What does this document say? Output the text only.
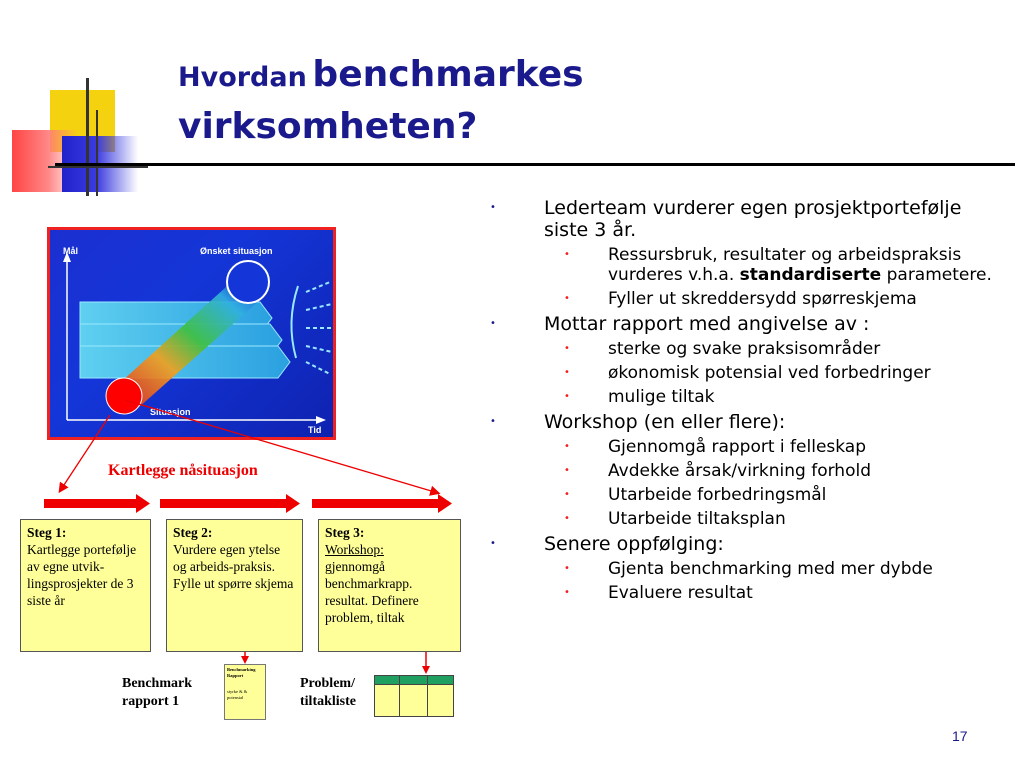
Hvordan benchmarkes
virksomheten?
Mål	Ønsket situasjon
Situasjon
Tid
Kartlegge nåsituasjon
Steg 1:
Kartlegge portefølje av egne utvik-lingsprosjekter de 3 siste år
Steg 2:
Vurdere egen ytelse og arbeids-praksis. Fylle ut spørre skjema
Steg 3:
Workshop:
gjennomgå benchmarkrapp. resultat. Definere problem, tiltak
Benchmark
rapport 1
Benchmarking Rapport
styrke & & potensial
Problem/
tiltakliste
•	Lederteam vurderer egen prosjektportefølje siste 3 år.
• Ressursbruk, resultater og arbeidspraksis vurderes v.h.a. standardiserte parametere.
• Fyller ut skreddersydd spørreskjema
•	Mottar rapport med angivelse av :
• sterke og svake praksisområder
• økonomisk potensial ved forbedringer
• mulige tiltak
•	Workshop (en eller flere):
• Gjennomgå rapport i felleskap
• Avdekke årsak/virkning forhold
• Utarbeide forbedringsmål
• Utarbeide tiltaksplan
•	Senere oppfølging:
• Gjenta benchmarking med mer dybde
• Evaluere resultat
17
